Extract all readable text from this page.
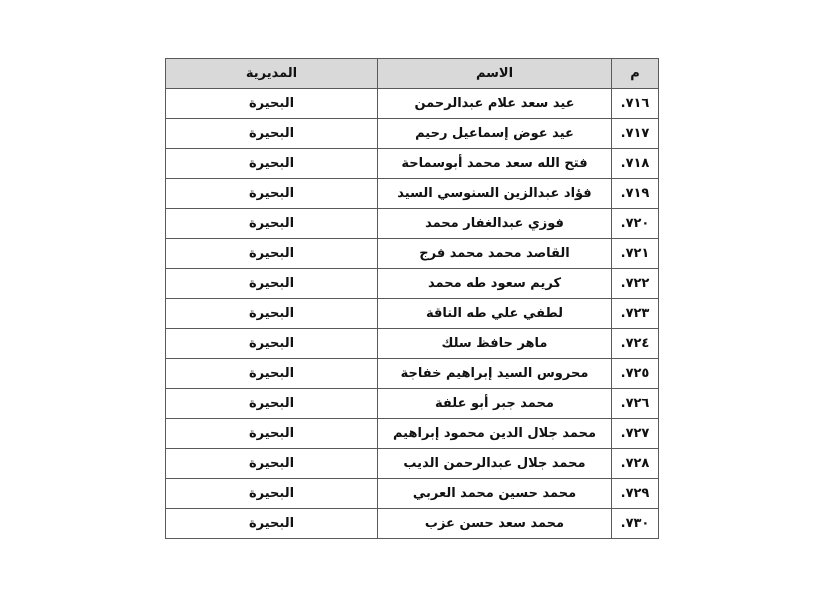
م	الاسم	المديرية
٧١٦.	عيد سعد علام عبدالرحمن	البحيرة
٧١٧.	عيد عوض إسماعيل رحيم	البحيرة
٧١٨.	فتح الله سعد محمد أبوسماحة	البحيرة
٧١٩.	فؤاد عبدالزين السنوسي السيد	البحيرة
٧٢٠.	فوزي عبدالغفار محمد	البحيرة
٧٢١.	القاصد محمد محمد فرج	البحيرة
٧٢٢.	كريم سعود طه محمد	البحيرة
٧٢٣.	لطفي علي طه الناقة	البحيرة
٧٢٤.	ماهر حافظ سلك	البحيرة
٧٢٥.	محروس السيد إبراهيم خفاجة	البحيرة
٧٢٦.	محمد جبر أبو علفة	البحيرة
٧٢٧.	محمد جلال الدين محمود إبراهيم	البحيرة
٧٢٨.	محمد جلال عبدالرحمن الديب	البحيرة
٧٢٩.	محمد حسين محمد العربي	البحيرة
٧٣٠.	محمد سعد حسن عزب	البحيرة
